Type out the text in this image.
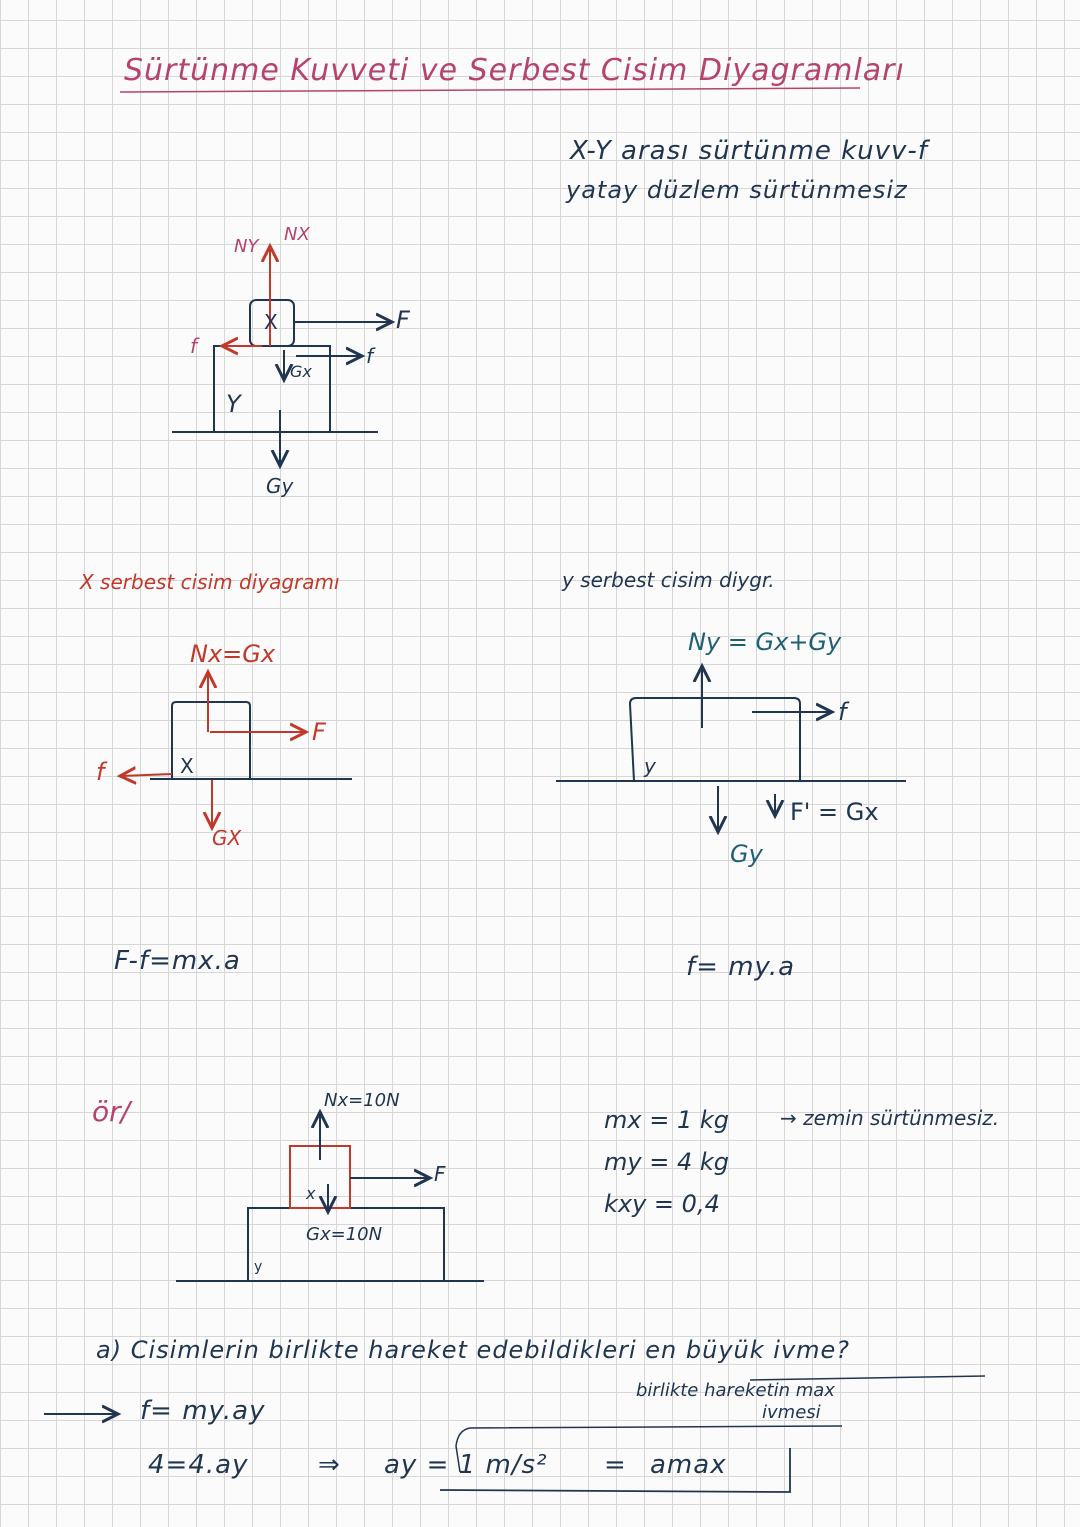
Sürtünme Kuvveti ve Serbest Cisim Diyagramları
X-Y arası sürtünme kuvv-f
yatay düzlem sürtünmesiz
NY
NX
X
Y
f
Gx
f
F
Gy
X serbest cisim diyagramı
Nx=Gx
F
f	X
GX
F-f=mx.a
y serbest cisim diygr.
Ny = Gx+Gy
f
y
Gy
F' = Gx
f= my.a
ör/	Nx=10N
x
y
F
Gx=10N
mx = 1 kg
my = 4 kg
kxy = 0,4
→ zemin sürtünmesiz.
a) Cisimlerin birlikte hareket edebildikleri en büyük ivme?
birlikte hareketin max
ivmesi
f= my.ay
4=4.ay	⇒ ay = 1 m/s² = amax
